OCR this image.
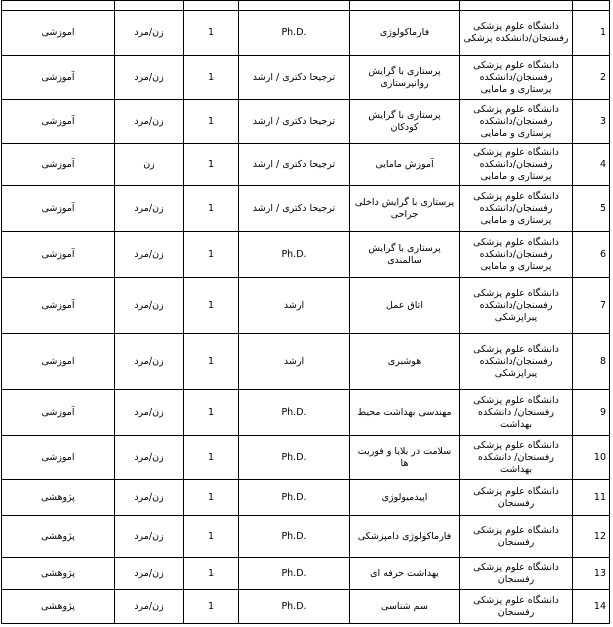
اموزشی	زن/مرد	1	Ph.D.	فارماکولوژی	دانشگاه علوم پزشکی رفسنجان/دانشکده پزشکی	1
آموزشی	زن/مرد	1	ترجیحا دکتری / ارشد	پرستاری با گرایش روانپرستاری	دانشگاه علوم پزشکی رفسنجان/دانشکده پرستاری و مامایی	2
آموزشی	زن/مرد	1	ترجیحا دکتری / ارشد	پرستاری با گرایش کودکان	دانشگاه علوم پزشکی رفسنجان/دانشکده پرستاری و مامایی	3
آموزشی	زن	1	ترجیحا دکتری / ارشد	آموزش مامایی	دانشگاه علوم پزشکی رفسنجان/دانشکده پرستاری و مامایی	4
آموزشی	زن/مرد	1	ترجیحا دکتری / ارشد	پرستاری با گرایش داخلی جراحی	دانشگاه علوم پزشکی رفسنجان/دانشکده پرستاری و مامایی	5
آموزشی	زن/مرد	1	Ph.D.	پرستاری با گرایش سالمندی	دانشگاه علوم پزشکی رفسنجان/دانشکده پرستاری و مامایی	6
آموزشی	زن/مرد	1	ارشد	اتاق عمل	دانشگاه علوم پزشکی رفسنجان/دانشکده پیراپزشکی	7
اموزشی	زن/مرد	1	ارشد	هوشبری	دانشگاه علوم پزشکی رفسنجان/دانشکده پیراپزشکی	8
آموزشی	زن/مرد	1	Ph.D.	مهندسی بهداشت محیط	دانشگاه علوم پزشکی رفسنجان/ دانشکده بهداشت	9
اموزشی	زن/مرد	1	Ph.D.	سلامت در بلایا و فوریت ها	دانشگاه علوم پزشکی رفسنجان/ دانشکده بهداشت	10
پژوهشی	زن/مرد	1	Ph.D.	اپیدمیولوژی	دانشگاه علوم پزشکی رفسنجان	11
پژوهشی	زن/مرد	1	Ph.D.	فارماکولوژی دامپزشکی	دانشگاه علوم پزشکی رفسنجان	12
پژوهشی	زن/مرد	1	Ph.D.	بهداشت حرفه ای	دانشگاه علوم پزشکی رفسنجان	13
پژوهشی	زن/مرد	1	Ph.D.	سم شناسی	دانشگاه علوم پزشکی رفسنجان	14
